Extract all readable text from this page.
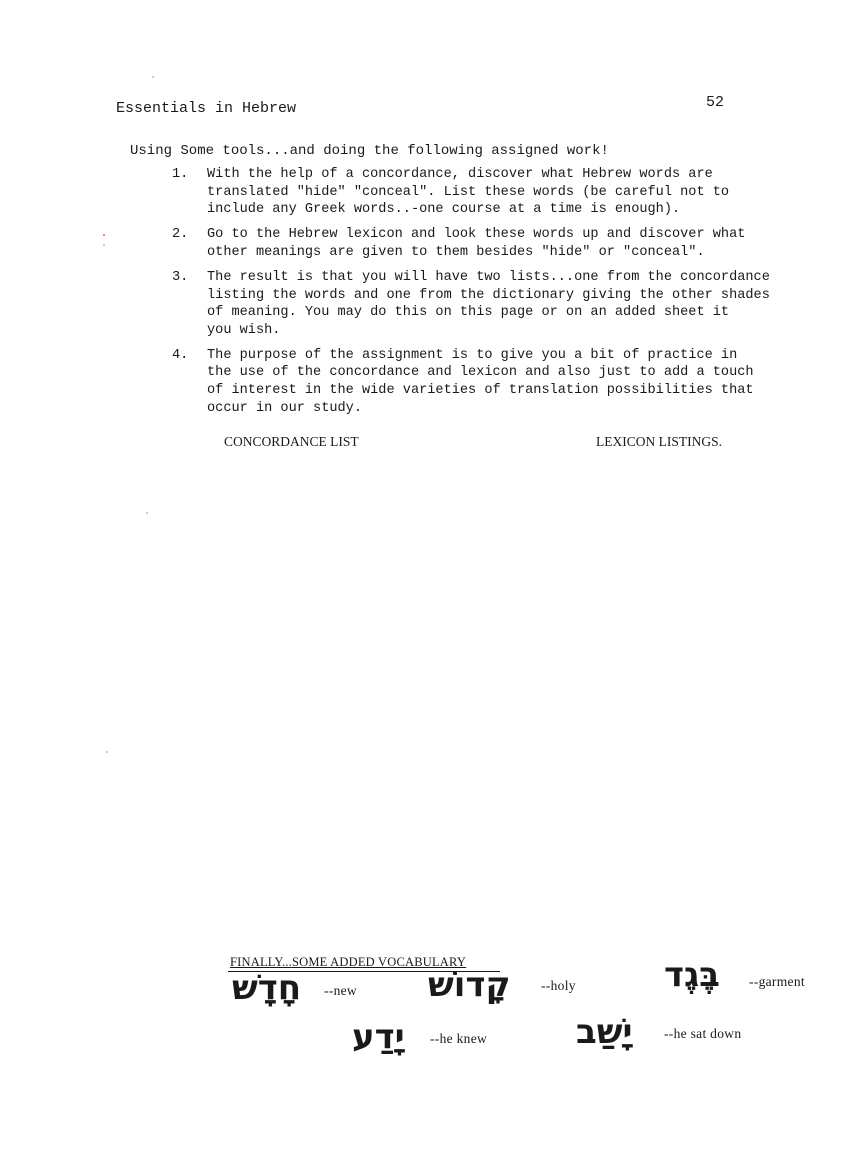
Essentials in Hebrew	52
Using Some tools...and doing the following assigned work!
1. With the help of a concordance, discover what Hebrew words are
translated "hide" "conceal". List these words (be careful not to
include any Greek words..-one course at a time is enough).
2. Go to the Hebrew lexicon and look these words up and discover what
other meanings are given to them besides "hide" or "conceal".
3. The result is that you will have two lists...one from the concordance
listing the words and one from the dictionary giving the other shades
of meaning. You may do this on this page or on an added sheet it
you wish.
4. The purpose of the assignment is to give you a bit of practice in
the use of the concordance and lexicon and also just to add a touch
of interest in the wide varieties of translation possibilities that
occur in our study.
CONCORDANCE LIST	LEXICON LISTINGS.
FINALLY...SOME ADDED VOCABULARY
חָדָשׁ --new קָדוֹשׁ --holy	בֶּגֶד --garment
יָדַע --he knew	יָשַׁב --he sat down
